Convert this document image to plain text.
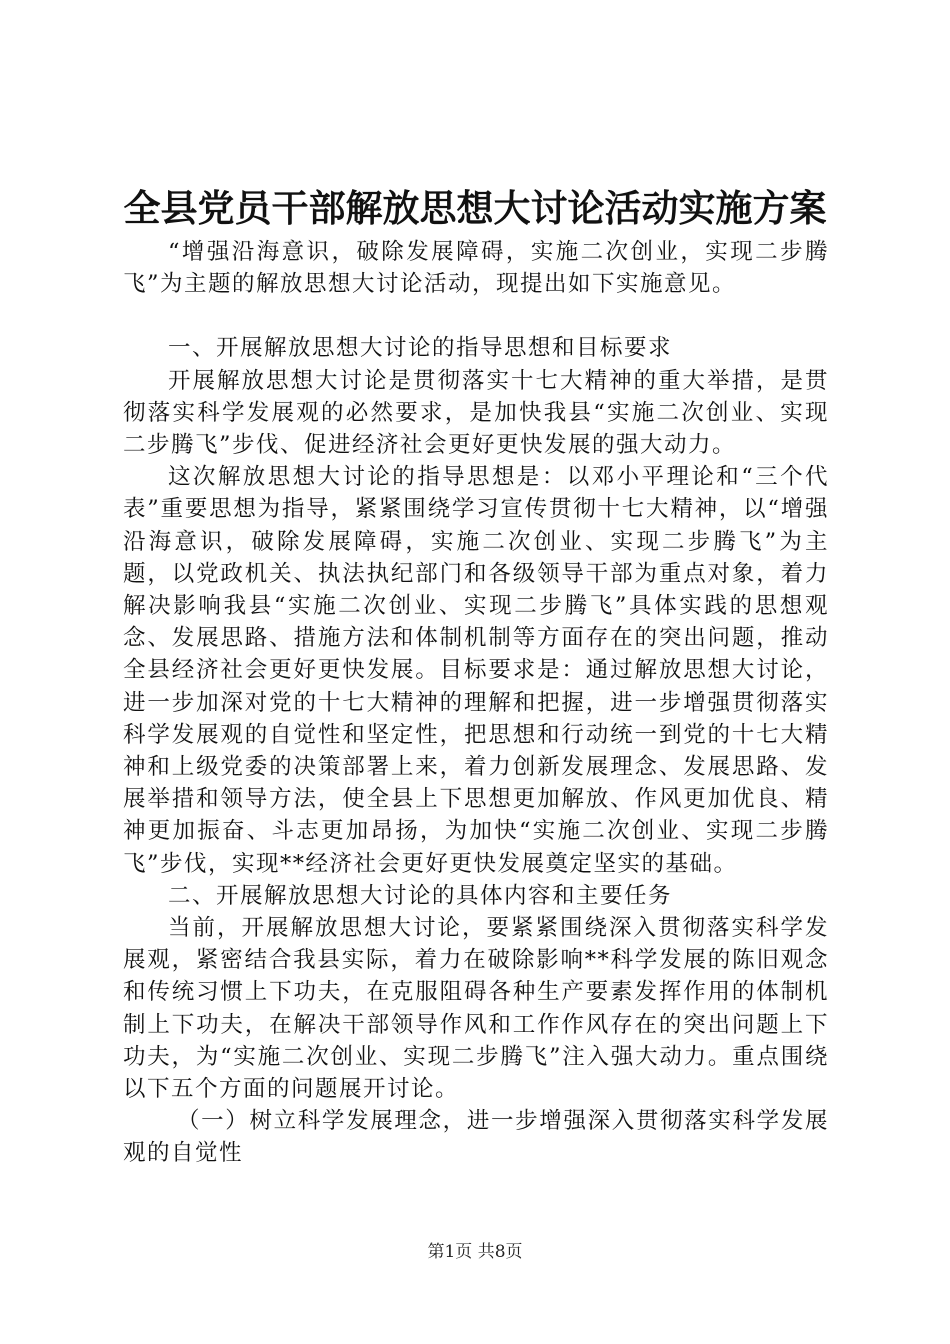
全县党员干部解放思想大讨论活动实施方案

“增强沿海意识，破除发展障碍，实施二次创业，实现二步腾飞”为主题的解放思想大讨论活动，现提出如下实施意见。

一、开展解放思想大讨论的指导思想和目标要求

开展解放思想大讨论是贯彻落实十七大精神的重大举措，是贯彻落实科学发展观的必然要求，是加快我县“实施二次创业、实现二步腾飞”步伐、促进经济社会更好更快发展的强大动力。

这次解放思想大讨论的指导思想是：以邓小平理论和“三个代表”重要思想为指导，紧紧围绕学习宣传贯彻十七大精神，以“增强沿海意识，破除发展障碍，实施二次创业、实现二步腾飞”为主题，以党政机关、执法执纪部门和各级领导干部为重点对象，着力解决影响我县“实施二次创业、实现二步腾飞”具体实践的思想观念、发展思路、措施方法和体制机制等方面存在的突出问题，推动全县经济社会更好更快发展。目标要求是：通过解放思想大讨论，进一步加深对党的十七大精神的理解和把握，进一步增强贯彻落实科学发展观的自觉性和坚定性，把思想和行动统一到党的十七大精神和上级党委的决策部署上来，着力创新发展理念、发展思路、发展举措和领导方法，使全县上下思想更加解放、作风更加优良、精神更加振奋、斗志更加昂扬，为加快“实施二次创业、实现二步腾飞”步伐，实现**经济社会更好更快发展奠定坚实的基础。

二、开展解放思想大讨论的具体内容和主要任务

当前，开展解放思想大讨论，要紧紧围绕深入贯彻落实科学发展观，紧密结合我县实际，着力在破除影响**科学发展的陈旧观念和传统习惯上下功夫，在克服阻碍各种生产要素发挥作用的体制机制上下功夫，在解决干部领导作风和工作作风存在的突出问题上下功夫，为“实施二次创业、实现二步腾飞”注入强大动力。重点围绕以下五个方面的问题展开讨论。

（一）树立科学发展理念，进一步增强深入贯彻落实科学发展观的自觉性

第1页 共8页
